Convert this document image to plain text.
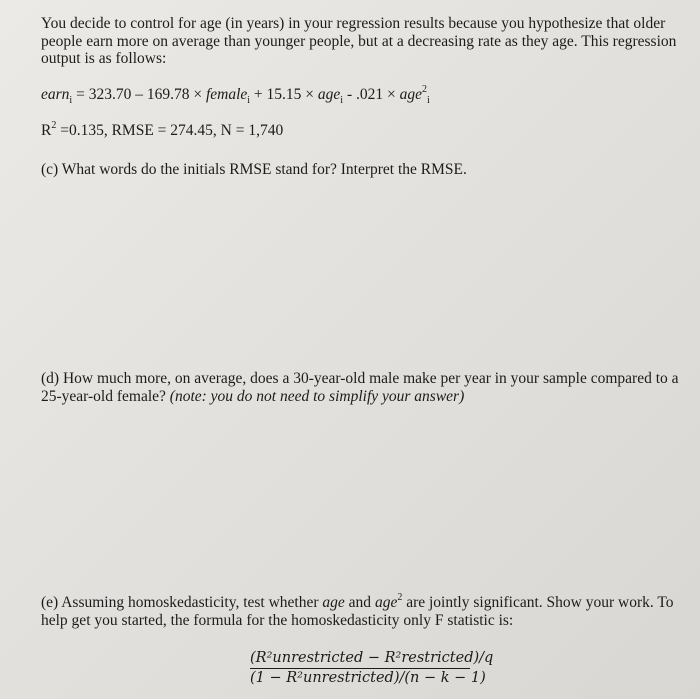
You decide to control for age (in years) in your regression results because you hypothesize that older people earn more on average than younger people, but at a decreasing rate as they age. This regression output is as follows:
earn$_i$ = 323.70 – 169.78 × female$_i$ + 15.15 × age$_i$ - .021 × age$^2_i$
$R^2 =0.135$, RMSE = 274.45, N = 1,740
(c) What words do the initials RMSE stand for? Interpret the RMSE.
(d) How much more, on average, does a 30-year-old male make per year in your sample compared to a 25-year-old female? (note: you do not need to simplify your answer)
(e) Assuming homoskedasticity, test whether age and age$^2$ are jointly significant. Show your work. To help get you started, the formula for the homoskedasticity only F statistic is:
(R²unrestricted − R²restricted)/q
(1 − R²unrestricted)/(n − k − 1)
